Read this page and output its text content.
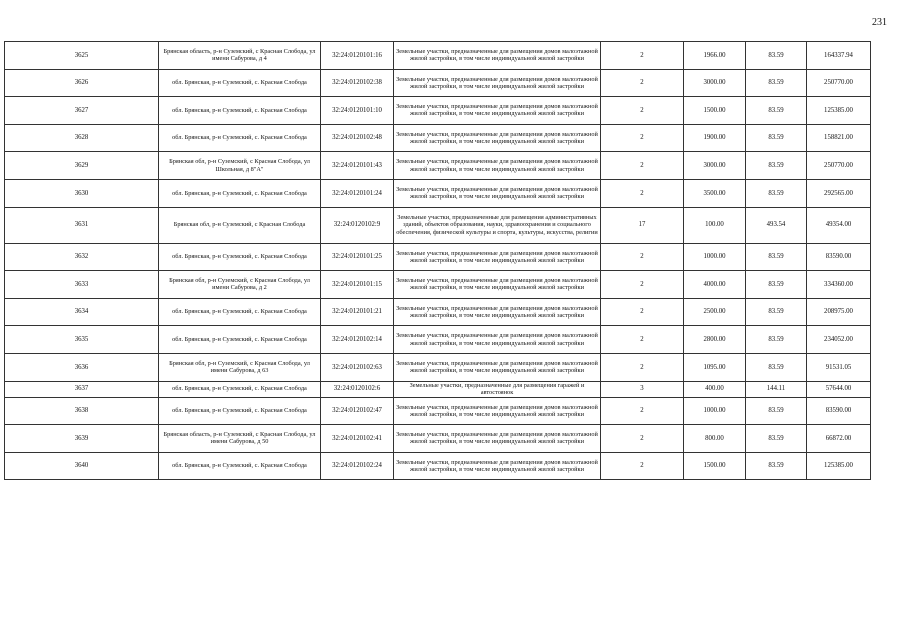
231
3625	Брянская область, р-н Суземский, с Красная Слобода, ул имени Сабурова, д 4	32:24:0120101:16	Земельные участки, предназначенные для размещения домов малоэтажной жилой застройки, в том числе индивидуальной жилой застройки	2	1966.00	83.59	164337.94
3626	обл. Брянская, р-н Суземский, с. Красная Слобода	32:24:0120102:38	Земельные участки, предназначенные для размещения домов малоэтажной жилой застройки, в том числе индивидуальной жилой застройки	2	3000.00	83.59	250770.00
3627	обл. Брянская, р-н Суземский, с. Красная Слобода	32:24:0120101:10	Земельные участки, предназначенные для размещения домов малоэтажной жилой застройки, в том числе индивидуальной жилой застройки	2	1500.00	83.59	125385.00
3628	обл. Брянская, р-н Суземский, с. Красная Слобода	32:24:0120102:48	Земельные участки, предназначенные для размещения домов малоэтажной жилой застройки, в том числе индивидуальной жилой застройки	2	1900.00	83.59	158821.00
3629	Брянская обл, р-н Суземский, с Красная Слобода, ул Школьная, д 8"А"	32:24:0120101:43	Земельные участки, предназначенные для размещения домов малоэтажной жилой застройки, в том числе индивидуальной жилой застройки	2	3000.00	83.59	250770.00
3630	обл. Брянская, р-н Суземский, с. Красная Слобода	32:24:0120101:24	Земельные участки, предназначенные для размещения домов малоэтажной жилой застройки, в том числе индивидуальной жилой застройки	2	3500.00	83.59	292565.00
3631	Брянская обл, р-н Суземский, с Красная Слобода	32:24:0120102:9	Земельные участки, предназначенные для размещения административных зданий, объектов образования, науки, здравоохранения и социального обеспечения, физической культуры и спорта, культуры, искусства, религии	17	100.00	493.54	49354.00
3632	обл. Брянская, р-н Суземский, с. Красная Слобода	32:24:0120101:25	Земельные участки, предназначенные для размещения домов малоэтажной жилой застройки, в том числе индивидуальной жилой застройки	2	1000.00	83.59	83590.00
3633	Брянская обл, р-н Суземский, с Красная Слобода, ул имени Сабурова, д 2	32:24:0120101:15	Земельные участки, предназначенные для размещения домов малоэтажной жилой застройки, в том числе индивидуальной жилой застройки	2	4000.00	83.59	334360.00
3634	обл. Брянская, р-н Суземский, с. Красная Слобода	32:24:0120101:21	Земельные участки, предназначенные для размещения домов малоэтажной жилой застройки, в том числе индивидуальной жилой застройки	2	2500.00	83.59	208975.00
3635	обл. Брянская, р-н Суземский, с. Красная Слобода	32:24:0120102:14	Земельные участки, предназначенные для размещения домов малоэтажной жилой застройки, в том числе индивидуальной жилой застройки	2	2800.00	83.59	234052.00
3636	Брянская обл, р-н Суземский, с Красная Слобода, ул имени Сабурова, д 63	32:24:0120102:63	Земельные участки, предназначенные для размещения домов малоэтажной жилой застройки, в том числе индивидуальной жилой застройки	2	1095.00	83.59	91531.05
3637	обл. Брянская, р-н Суземский, с. Красная Слобода	32:24:0120102:6	Земельные участки, предназначенные для размещения гаражей и автостоянок	3	400.00	144.11	57644.00
3638	обл. Брянская, р-н Суземский, с. Красная Слобода	32:24:0120102:47	Земельные участки, предназначенные для размещения домов малоэтажной жилой застройки, в том числе индивидуальной жилой застройки	2	1000.00	83.59	83590.00
3639	Брянская область, р-н Суземский, с Красная Слобода, ул имени Сабурова, д 50	32:24:0120102:41	Земельные участки, предназначенные для размещения домов малоэтажной жилой застройки, в том числе индивидуальной жилой застройки	2	800.00	83.59	66872.00
3640	обл. Брянская, р-н Суземский, с. Красная Слобода	32:24:0120102:24	Земельные участки, предназначенные для размещения домов малоэтажной жилой застройки, в том числе индивидуальной жилой застройки	2	1500.00	83.59	125385.00
